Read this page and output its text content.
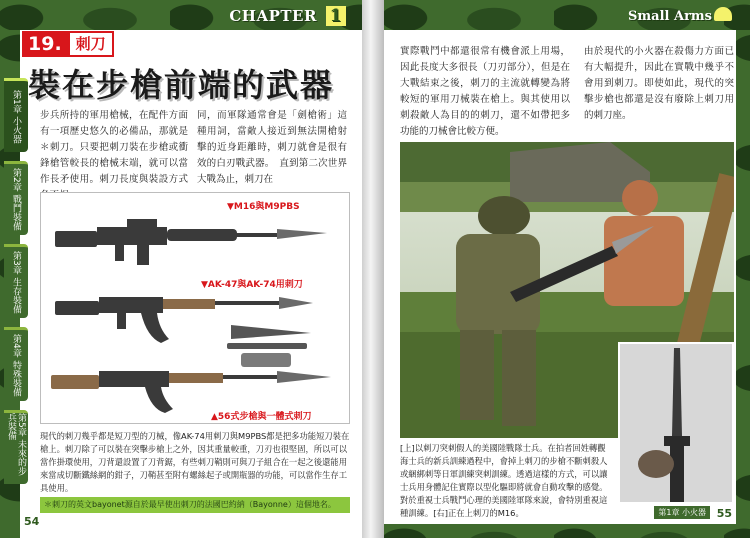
CHAPTER 1
19. 刺刀
裝在步槍前端的武器
第1章 小火器
第2章 戰鬥裝備
第3章 生存裝備
第4章 特殊裝備
第5章 未來的步兵裝備

步兵所持的軍用槍械，在配件方面有一項歷史悠久的必備品，那就是＊刺刀。只要把刺刀裝在步槍或衝鋒槍管較長的槍械末端，就可以當作長矛使用。刺刀長度與裝設方式

同，而軍隊通常會是「劍槍術」這種用詞，當敵人接近到無法開槍射擊的近身距離時，刺刀就會是很有效的白刃戰武器。　直到第二次世界大戰為止，刺刀在

▼M16與M9PBS
▼AK-47與AK-74用刺刀
▲56式步槍與一體式刺刀

現代的刺刀幾乎都是短刀型的刀械，像AK-74用刺刀與M9PBS都是把多功能短刀裝在槍上。刺刀除了可以裝在突擊步槍上之外，因其重量較重，刀刃也很堅固，所以可以當作掛環使用，刀背還設置了刀背鋸，有些刺刀鞘則可與刀子組合在一起之後還能用來當成切斷鐵絲網的鉗子，刀鞘甚至附有螺絲起子或開瓶器的功能，可以當作生存工具使用。

＊刺刀的英文bayonet源自於最早使出刺刀的法國巴約納（Bayonne）這個地名。
54
Small Arms

實際戰鬥中都還很常有機會派上用場，因此長度大多很長（刀刃部分），但是在大戰結束之後，刺刀的主流就轉變為將較短的軍用刀械裝在槍上。與其使用以刺殺敵人為目的的刺刀，還不如帶把多功能的刀械會比較方便。

由於現代的小火器在殺傷力方面已有大幅提升，因此在實戰中幾乎不會用到刺刀。即使如此，現代的突擊步槍也都還是沒有廢除上刺刀用的刺刀座。

[上]以刺刀突刺假人的美國陸戰隊士兵。在拍者回姓轉觀海士兵的新兵訓練過程中，會掉上刺刀的步槍不斷刺殺人或綑綁刺等日軍訓練突刺訓練。透過這樣的方式，可以讓士兵用身體記住實際以型化驅即將就會自動攻擊的感覺。對於重視士兵戰鬥心理的美國陸軍隊來說，會特別重視這種訓練。[右]正在上刺刀的M16。	第1章 小火器 55
